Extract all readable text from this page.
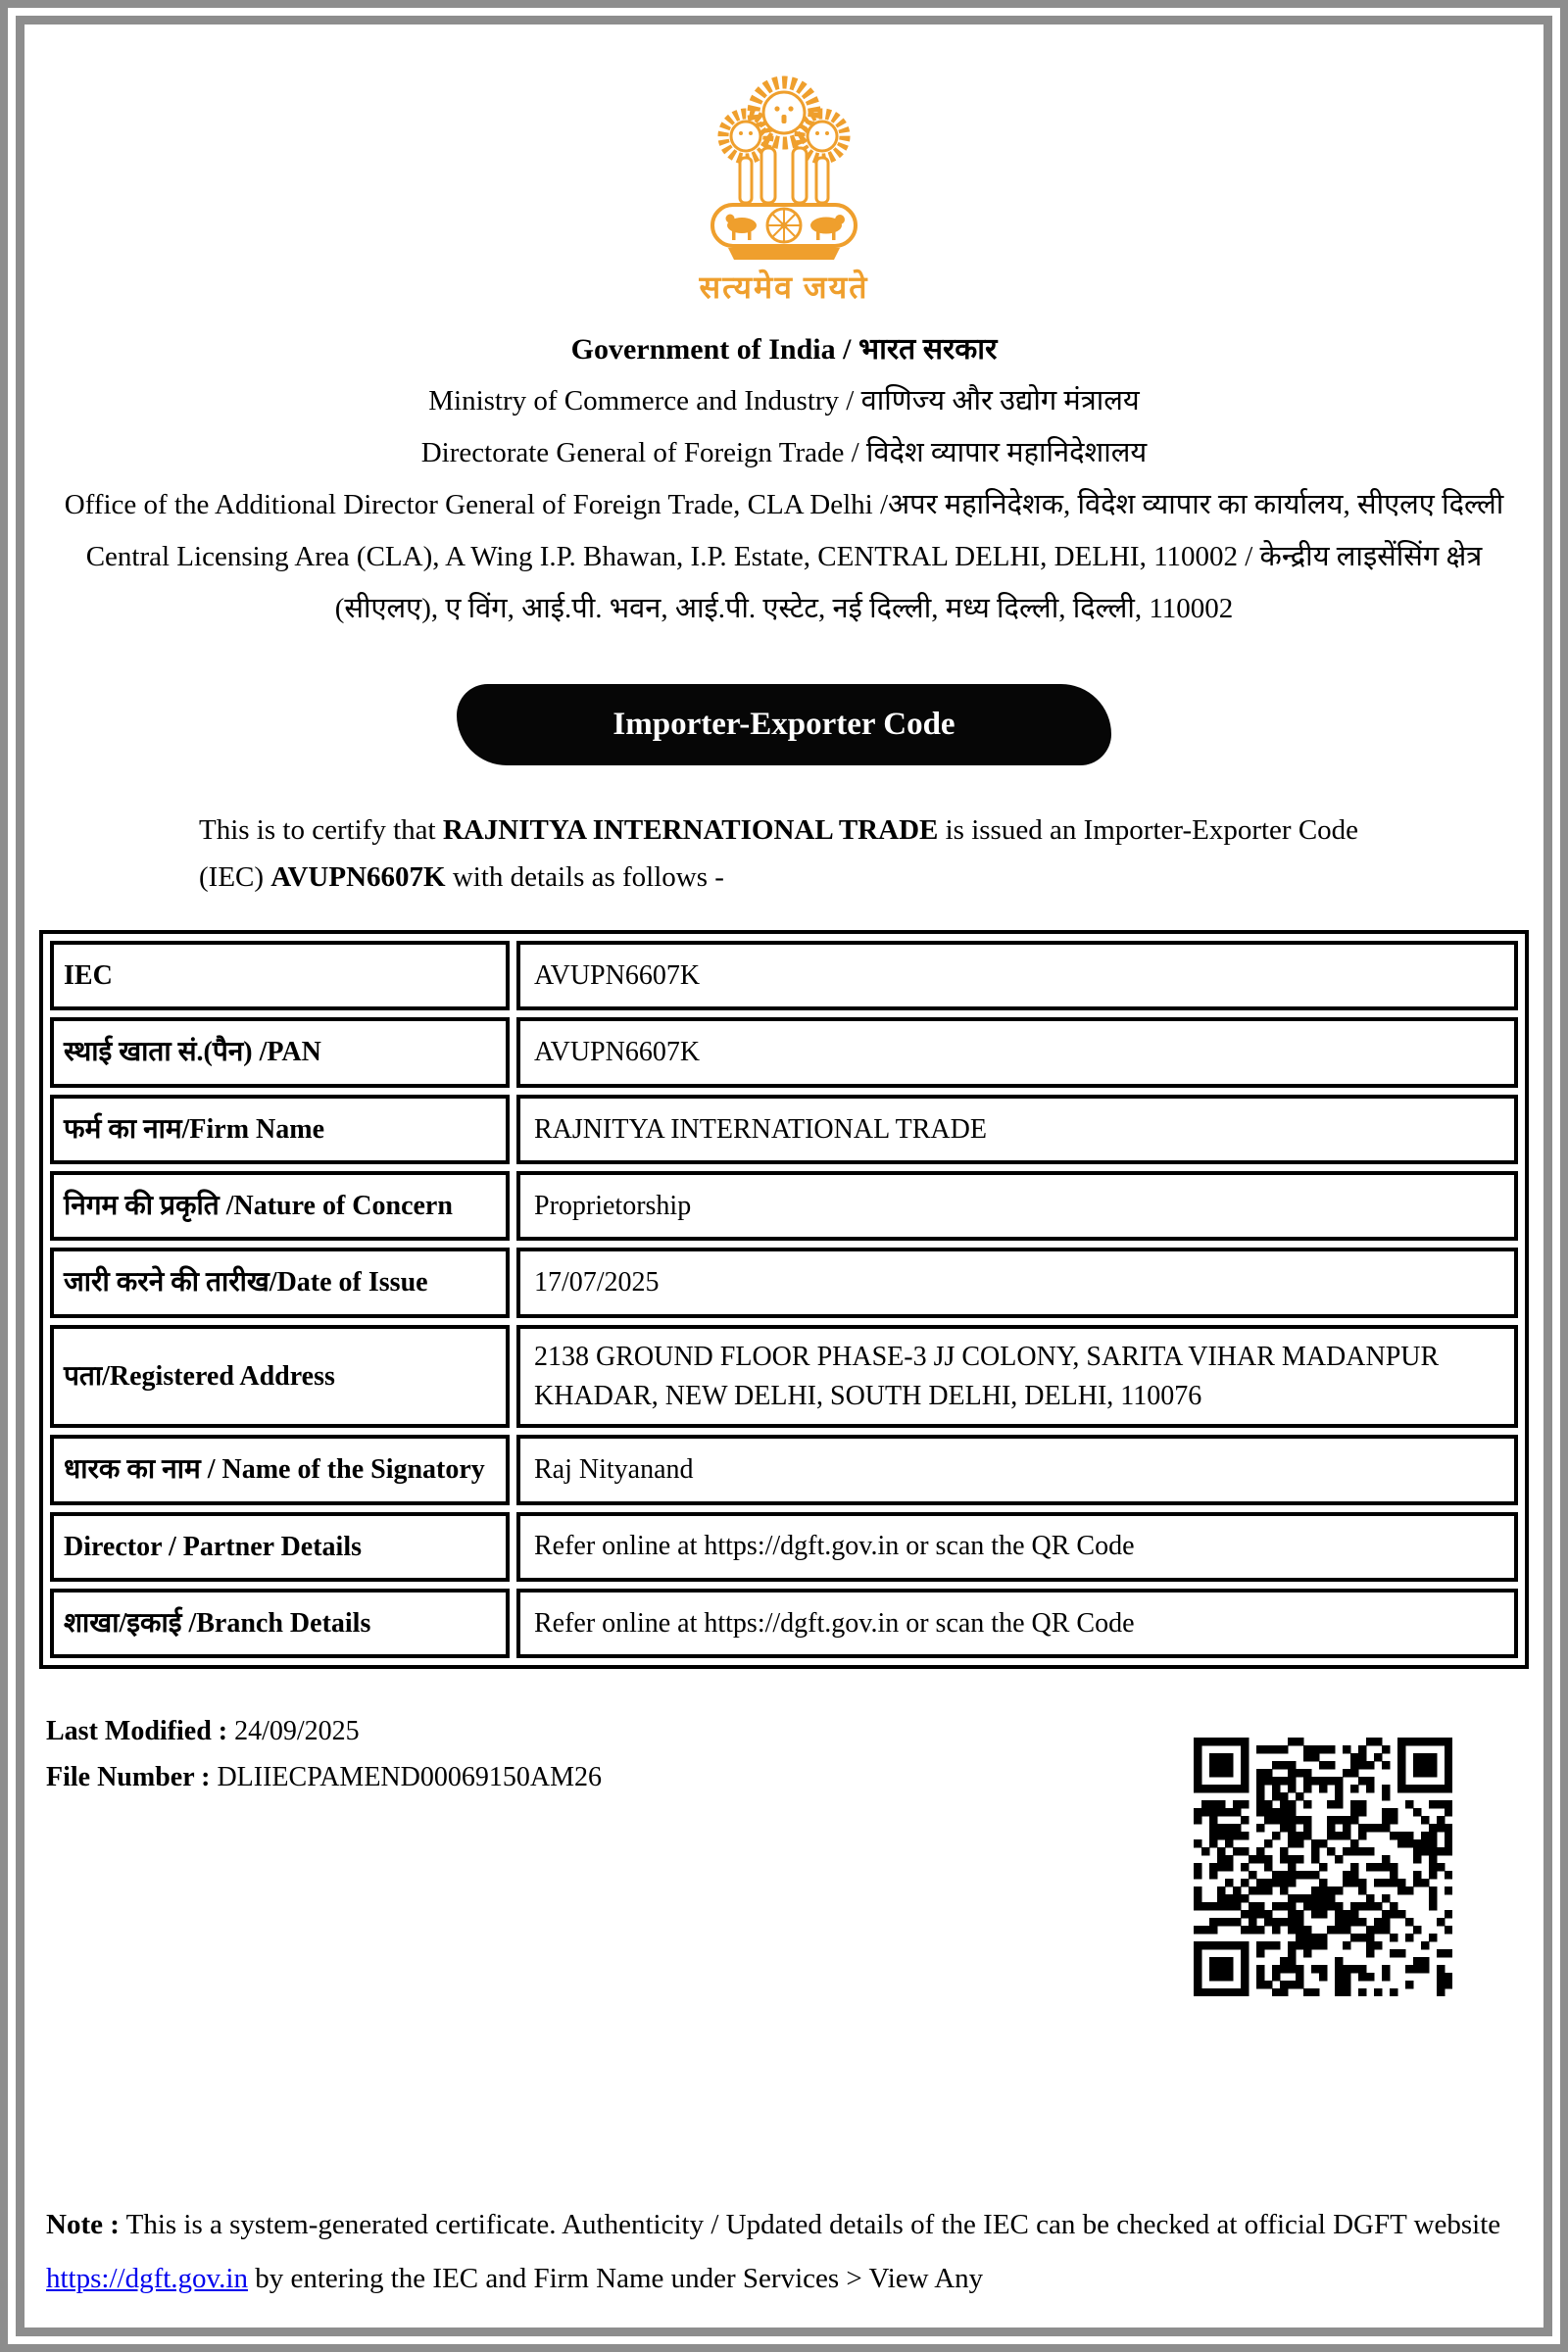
सत्यमेव जयते
Government of India / भारत सरकार
Ministry of Commerce and Industry / वाणिज्य और उद्योग मंत्रालय
Directorate General of Foreign Trade / विदेश व्यापार महानिदेशालय
Office of the Additional Director General of Foreign Trade, CLA Delhi /अपर महानिदेशक, विदेश व्यापार का कार्यालय, सीएलए दिल्ली
Central Licensing Area (CLA), A Wing I.P. Bhawan, I.P. Estate, CENTRAL DELHI, DELHI, 110002 / केन्द्रीय लाइसेंसिंग क्षेत्र (सीएलए), ए विंग, आई.पी. भवन, आई.पी. एस्टेट, नई दिल्ली, मध्य दिल्ली, दिल्ली, 110002
Importer-Exporter Code
This is to certify that RAJNITYA INTERNATIONAL TRADE is issued an Importer-Exporter Code (IEC) AVUPN6607K with details as follows -
IEC	AVUPN6607K
स्थाई खाता सं.(पैन) /PAN	AVUPN6607K
फर्म का नाम/Firm Name	RAJNITYA INTERNATIONAL TRADE
निगम की प्रकृति /Nature of Concern	Proprietorship
जारी करने की तारीख/Date of Issue	17/07/2025
पता/Registered Address	2138 GROUND FLOOR PHASE-3 JJ COLONY, SARITA VIHAR MADANPUR KHADAR, NEW DELHI, SOUTH DELHI, DELHI, 110076
धारक का नाम / Name of the Signatory	Raj Nityanand
Director / Partner Details	Refer online at https://dgft.gov.in or scan the QR Code
शाखा/इकाई /Branch Details	Refer online at https://dgft.gov.in or scan the QR Code
Last Modified : 24/09/2025
File Number : DLIIECPAMEND00069150AM26
Note : This is a system-generated certificate. Authenticity / Updated details of the IEC can be checked at official DGFT website https://dgft.gov.in by entering the IEC and Firm Name under Services > View Any
